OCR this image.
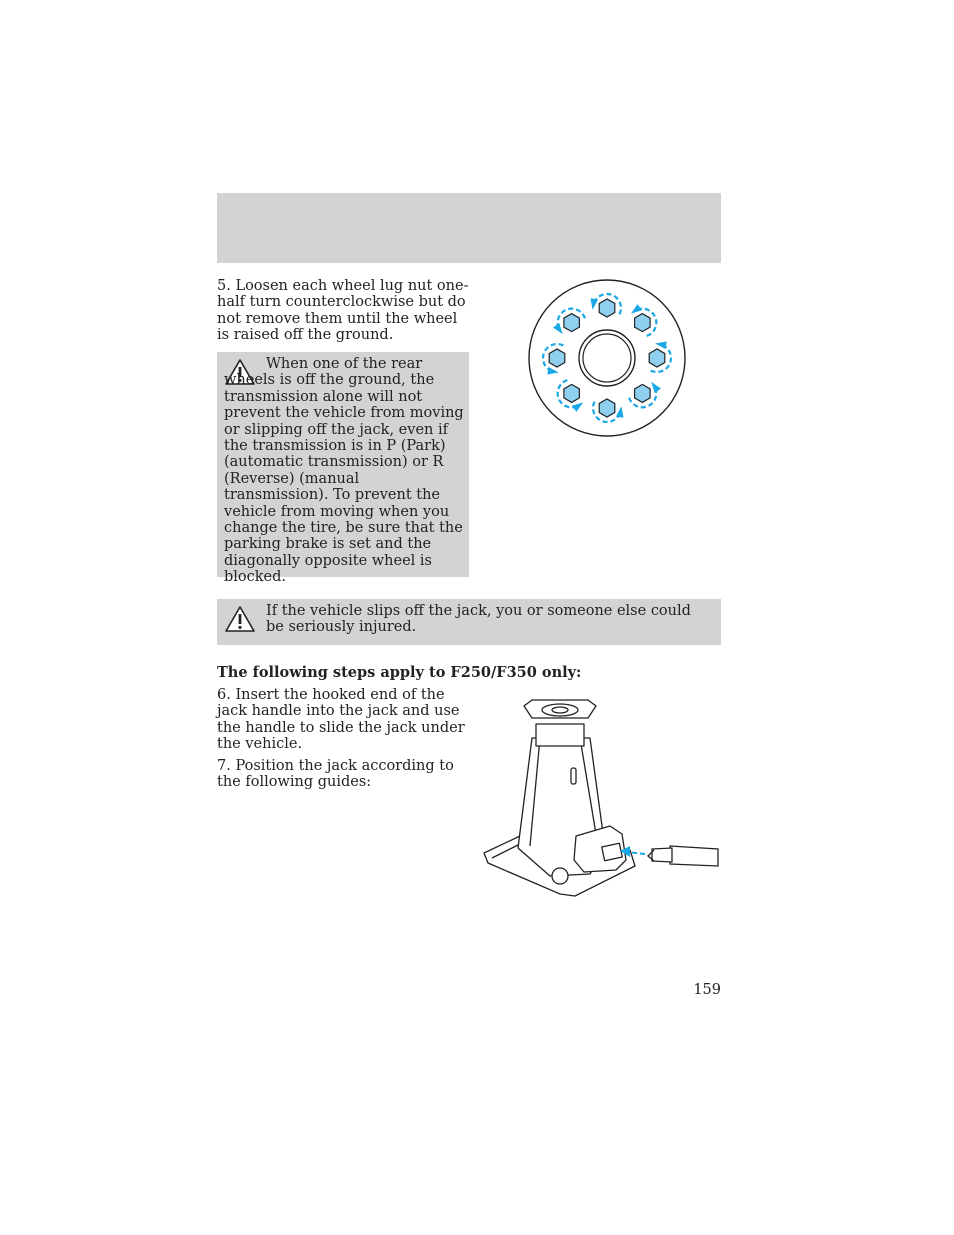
5. Loosen each wheel lug nut one-half turn counterclockwise but do not remove them until the wheel is raised off the ground.

When one of the rear wheels is off the ground, the transmission alone will not prevent the vehicle from moving or slipping off the jack, even if the transmission is in P (Park) (automatic transmission) or R (Reverse) (manual transmission). To prevent the vehicle from moving when you change the tire, be sure that the parking brake is set and the diagonally opposite wheel is blocked.

If the vehicle slips off the jack, you or someone else could be seriously injured.

The following steps apply to F250/F350 only:

6. Insert the hooked end of the jack handle into the jack and use the handle to slide the jack under the vehicle.

7. Position the jack according to the following guides:

159
